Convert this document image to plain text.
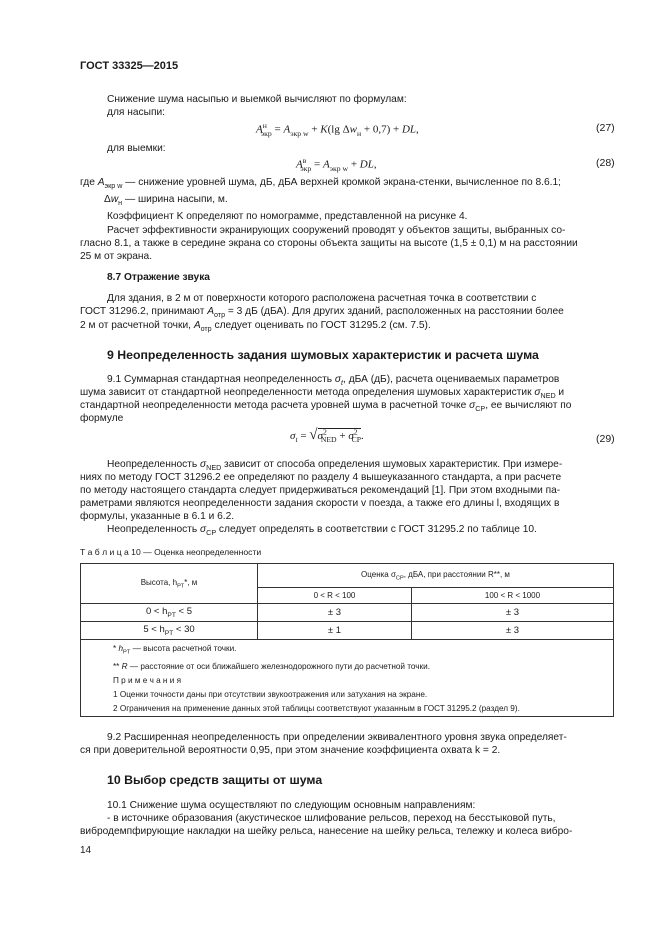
ГОСТ 33325—2015
Снижение шума насыпью и выемкой вычисляют по формулам:
для насыпи:
$A^н_{экр} = A_{экр w} + K(\lg$ $\Delta w_н + 0,7$) + DL,	(27)
для выемки:
$A^в_{экр} = A_{экр w}$ + DL,	(28)
где $A_{экр w}$ — снижение уровней шума, дБ, дБА верхней кромкой экрана-стенки, вычисленное по 8.6.1;
$\Delta w_н$ — ширина насыпи, м.
Коэффициент K определяют по номограмме, представленной на рисунке 4.
Расчет эффективности экранирующих сооружений проводят у объектов защиты, выбранных со-
гласно 8.1, а также в середине экрана со стороны объекта защиты на высоте (1,5 ± 0,1) м на расстоянии
25 м от экрана.
8.7 Отражение звука
Для здания, в 2 м от поверхности которого расположена расчетная точка в соответствии с
ГОСТ 31296.2, принимают $A_{отр} = 3$ дБ (дБА). Для других зданий, расположенных на расстоянии более
2 м от расчетной точки, $A_{отр}$ следует оценивать по ГОСТ 31295.2 (см. 7.5).
9 Неопределенность задания шумовых характеристик и расчета шума
9.1 Суммарная стандартная неопределенность $\sigma_t$, дБА (дБ), расчета оцениваемых параметров
шума зависит от стандартной неопределенности метода определения шумовых характеристик $\sigma_{NED}$ и
стандартной неопределенности метода расчета уровней шума в расчетной точке $\sigma_{CP}$, ее вычисляют по
формуле
$\sigma_t = √\sigma^2_{NED} + \sigma^2_{CP}$.	(29)
Неопределенность $\sigma_{NED}$ зависит от способа определения шумовых характеристик. При измере-
ниях по методу ГОСТ 31296.2 ее определяют по разделу 4 вышеуказанного стандарта, а при расчете
по методу настоящего стандарта следует придерживаться рекомендаций [1]. При этом входными па-
раметрами являются неопределенности задания скорости v поезда, а также его длины l, входящих в
формулы, указанные в 6.1 и 6.2.
Неопределенность $\sigma_{CP}$ следует определять в соответствии с ГОСТ 31295.2 по таблице 10.
Т а б л и ц а 10 — Оценка неопределенности
Высота, $h_{PT}*$, м	Оценка $\sigma_{CP}$, дБА, при расстоянии R**, м	
	0 < R < 100	100 < R < 1000
$0 < h_{PT} < 5$	± 3	± 3
$5 < h_{PT} < 30$	± 1	± 3

* $h_{PT}$ — высота расчетной точки.
** R — расстояние от оси ближайшего железнодорожного пути до расчетной точки.
П р и м е ч а н и я
1 Оценки точности даны при отсутствии звукоотражения или затухания на экране.
2 Ограничения на применение данных этой таблицы соответствуют указанным в ГОСТ 31295.2 (раздел 9).		
9.2 Расширенная неопределенность при определении эквивалентного уровня звука определяет-
ся при доверительной вероятности 0,95, при этом значение коэффициента охвата k = 2.
10 Выбор средств защиты от шума
10.1 Снижение шума осуществляют по следующим основным направлениям:
- в источнике образования (акустическое шлифование рельсов, переход на бесстыковой путь,
вибродемпфирующие накладки на шейку рельса, нанесение на шейку рельса, тележку и колеса вибро-
14
